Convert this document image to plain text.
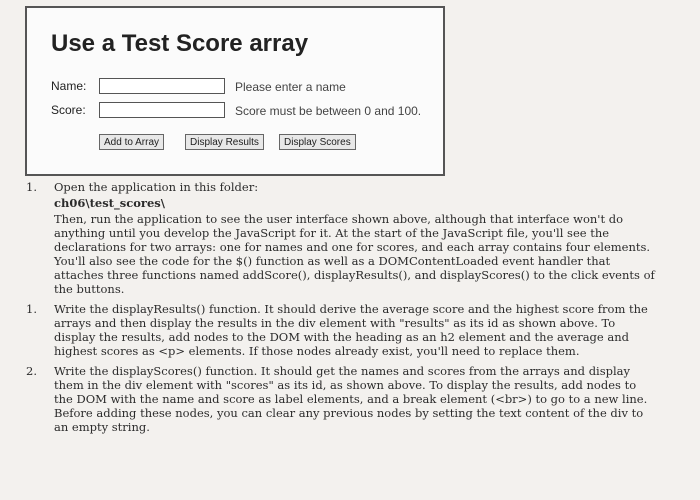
Use a Test Score array
Name:	Please enter a name
Score:	Score must be between 0 and 100.
Add to Array	Display Results	Display Scores
1. Open the application in this folder:

ch06\test_scores\

Then, run the application to see the user interface shown above, although that interface won't do anything until you develop the JavaScript for it. At the start of the JavaScript file, you'll see the declarations for two arrays: one for names and one for scores, and each array contains four elements. You'll also see the code for the $() function as well as a DOMContentLoaded event handler that attaches three functions named addScore(), displayResults(), and displayScores() to the click events of the buttons.

1. Write the displayResults() function. It should derive the average score and the highest score from the arrays and then display the results in the div element with "results" as its id as shown above. To display the results, add nodes to the DOM with the heading as an h2 element and the average and highest scores as <p> elements. If those nodes already exist, you'll need to replace them.

2. Write the displayScores() function. It should get the names and scores from the arrays and display them in the div element with "scores" as its id, as shown above. To display the results, add nodes to the DOM with the name and score as label elements, and a break element (<br>) to go to a new line. Before adding these nodes, you can clear any previous nodes by setting the text content of the div to an empty string.
